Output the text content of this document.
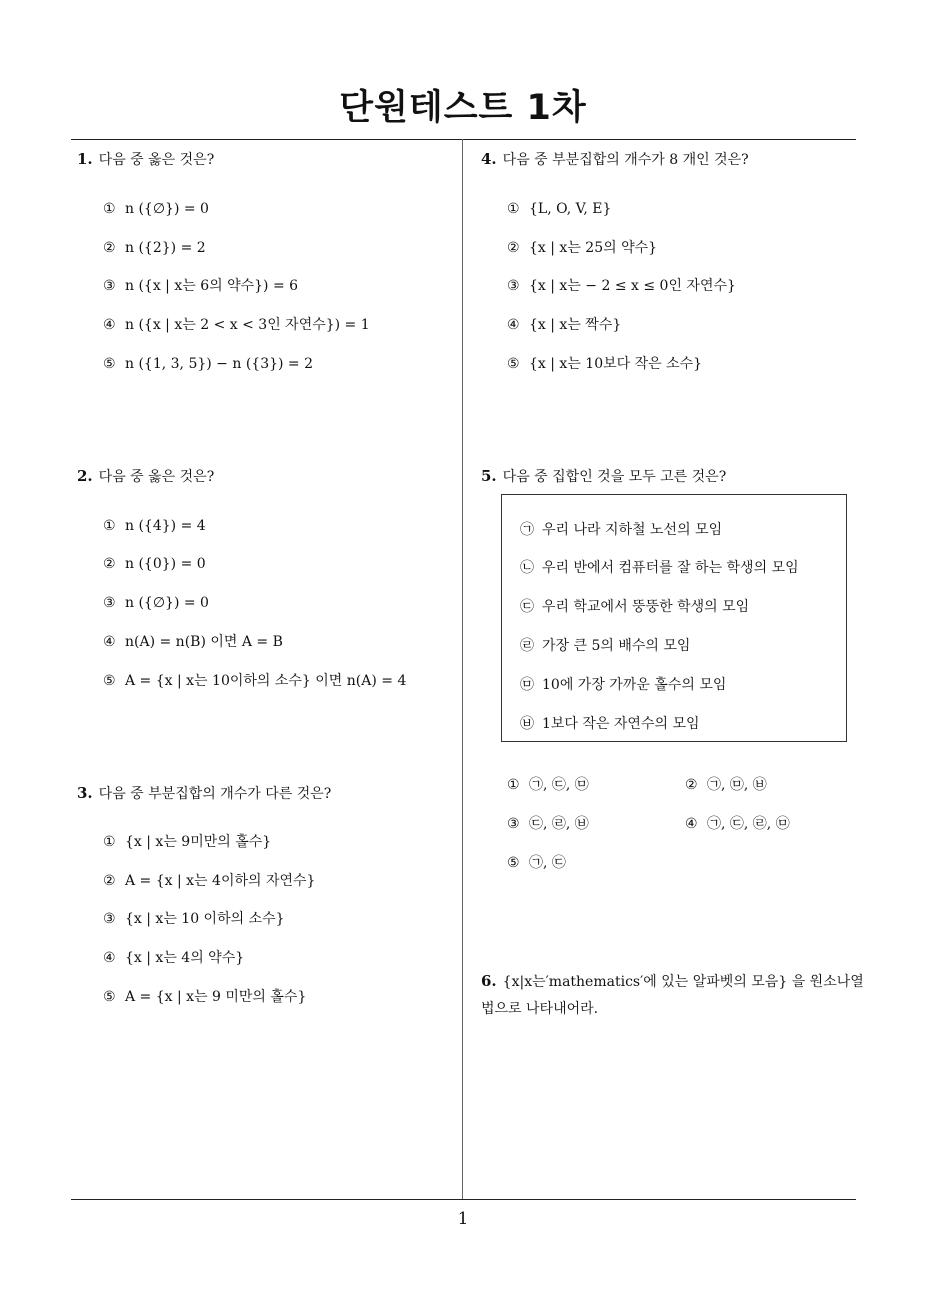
단원테스트 1차
1
1. 다음 중 옳은 것은?
① n ({∅}) = 0
② n ({2}) = 2
③ n ({x | x는 6의 약수}) = 6
④ n ({x | x는 2 < x < 3인 자연수}) = 1
⑤ n ({1, 3, 5}) − n ({3}) = 2
2. 다음 중 옳은 것은?
① n ({4}) = 4
② n ({0}) = 0
③ n ({∅}) = 0
④ n(A) = n(B) 이면 A = B
⑤ A = {x | x는 10이하의 소수} 이면 n(A) = 4
3. 다음 중 부분집합의 개수가 다른 것은?
① {x | x는 9미만의 홀수}
② A = {x | x는 4이하의 자연수}
③ {x | x는 10 이하의 소수}
④ {x | x는 4의 약수}
⑤ A = {x | x는 9 미만의 홀수}
4. 다음 중 부분집합의 개수가 8 개인 것은?
① {L, O, V, E}
② {x | x는 25의 약수}
③ {x | x는 − 2 ≤ x ≤ 0인 자연수}
④ {x | x는 짝수}
⑤ {x | x는 10보다 작은 소수}
5. 다음 중 집합인 것을 모두 고른 것은?
㉠ 우리 나라 지하철 노선의 모임
㉡ 우리 반에서 컴퓨터를 잘 하는 학생의 모임
㉢ 우리 학교에서 뚱뚱한 학생의 모임
㉣ 가장 큰 5의 배수의 모임
㉤ 10에 가장 가까운 홀수의 모임
㉥ 1보다 작은 자연수의 모임
① ㉠, ㉢, ㉤	② ㉠, ㉤, ㉥
③ ㉢, ㉣, ㉥	④ ㉠, ㉢, ㉣, ㉤
⑤ ㉠, ㉢
6. {x|x는′mathematics′에 있는 알파벳의 모음} 을 원소나열법으로 나타내어라.
